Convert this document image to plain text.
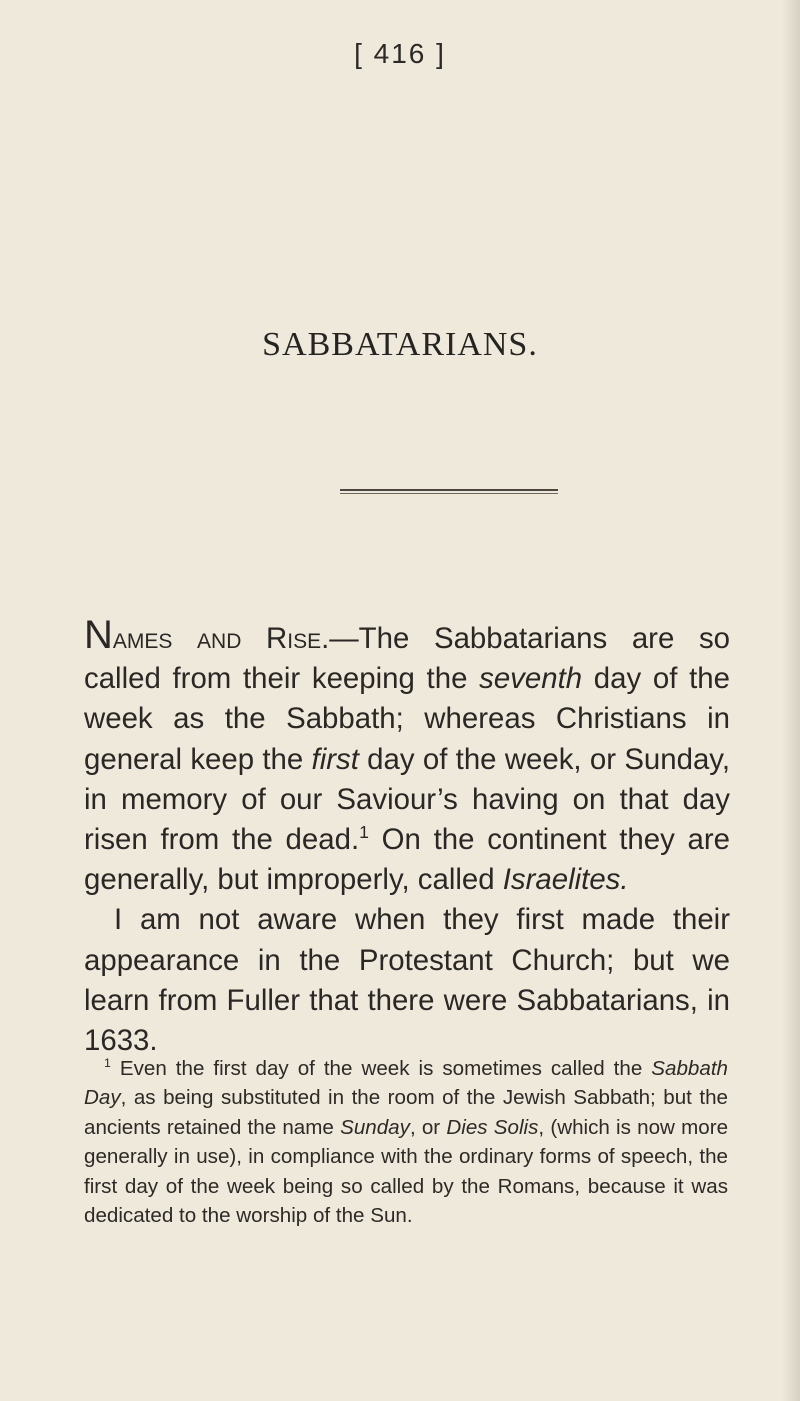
[ 416 ]
SABBATARIANS.

Names and Rise.—The Sabbatarians are so called from their keeping the seventh day of the week as the Sabbath; whereas Christians in general keep the first day of the week, or Sunday, in memory of our Saviour’s having on that day risen from the dead.$^1$ On the continent they are generally, but improperly, called Israelites.

I am not aware when they first made their appearance in the Protestant Church; but we learn from Fuller that there were Sabbatarians, in 1633.

$^1$ Even the first day of the week is sometimes called the Sabbath Day, as being substituted in the room of the Jewish Sabbath; but the ancients retained the name Sunday, or Dies Solis, (which is now more generally in use), in compliance with the ordinary forms of speech, the first day of the week being so called by the Romans, because it was dedicated to the worship of the Sun.
